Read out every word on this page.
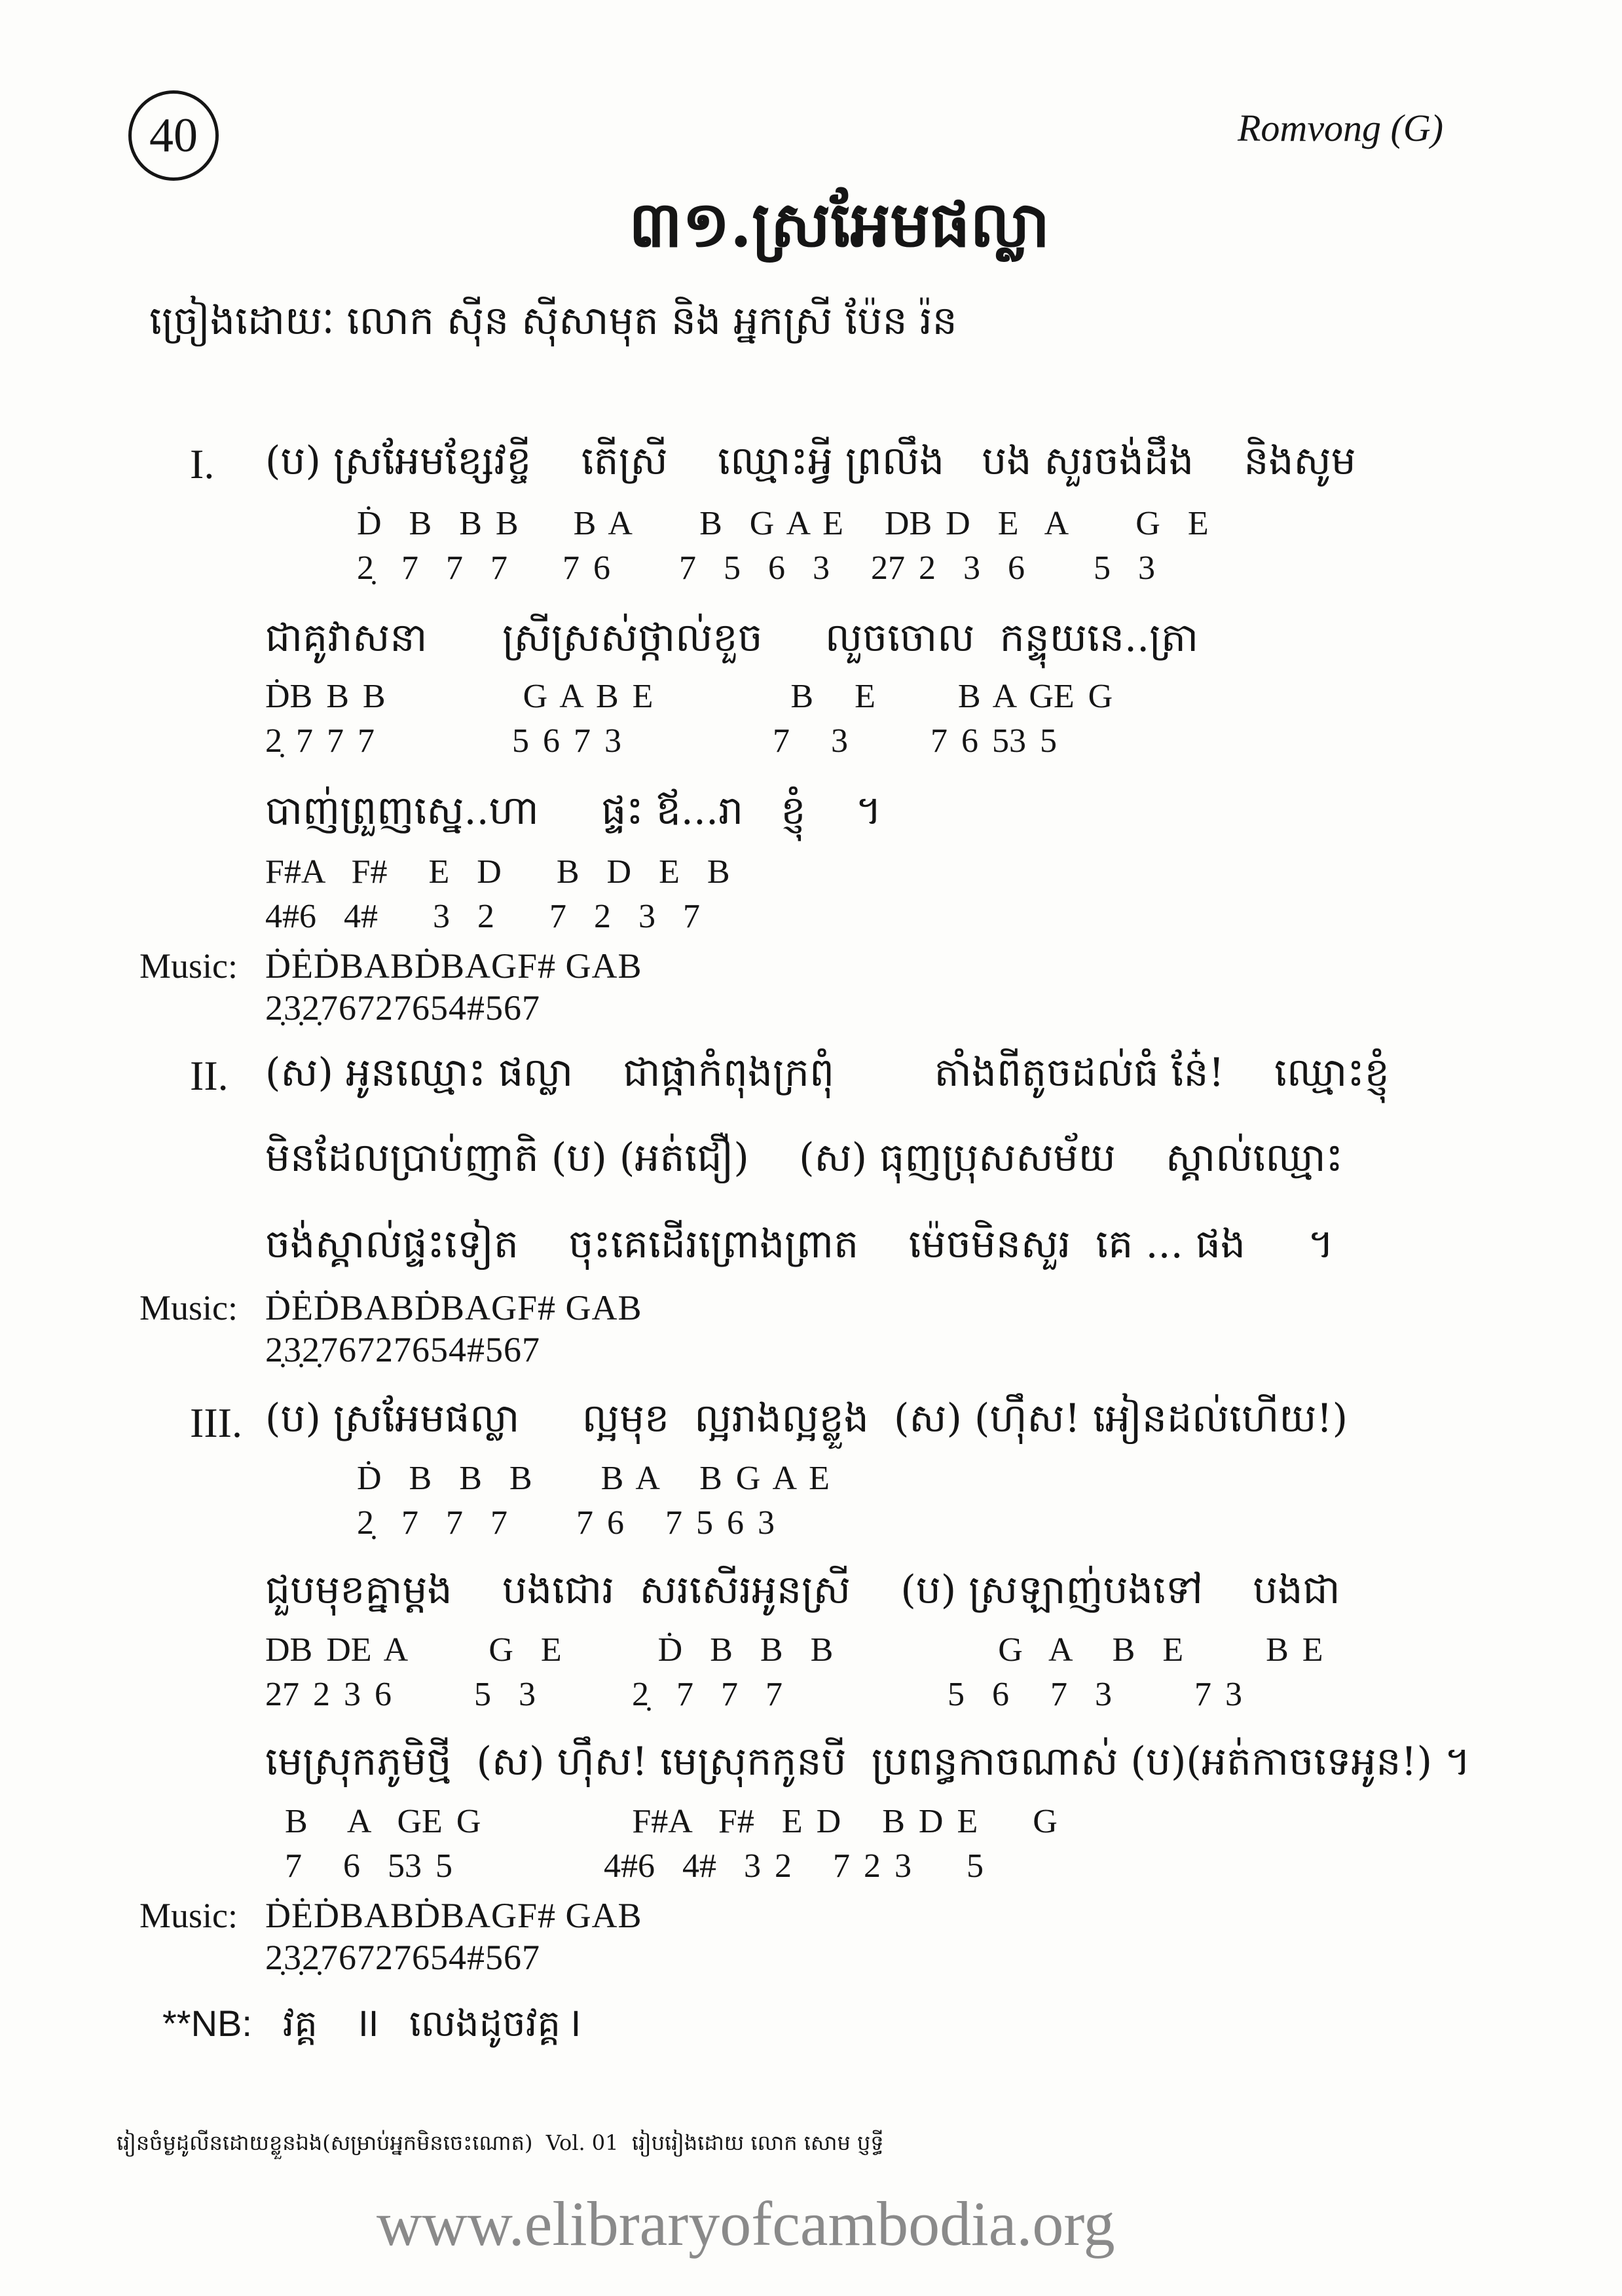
40	Romvong (G)
៣១.ស្រអែមផល្លា
ច្រៀងដោយៈ លោក ស៊ីន ស៊ីសាមុត និង អ្នកស្រី ប៉ែន រ៉ន
I. (ប) ស្រអែមខ្សែវខ្ចី    តើស្រី    ឈ្មោះអ្វី ព្រលឹង   បង សួរចង់ដឹង    និងសូម
Ḋ  B  B B    B A     B  G A E   DB D  E  A     G  E
2̣  7  7  7    7 6     7  5  6  3   27 2  3  6     5  3
ជាគូវាសនា      ស្រីស្រស់ថ្កាល់ខួច     លួចចោល  កន្ទុយនេ..ត្រា
ḊB B B          G A B E          B   E      B A GE G
2̣ 7 7 7          5 6 7 3           7   3      7 6 53 5
បាញ់ព្រួញស្នេ..ហា     ផ្ទះ ឪ...រា   ខ្ញុំ    ។
F#A  F#   E  D    B  D  E  B
4#6  4#    3  2    7  2  3  7
Music: ḊĖḊBABḊBAGF# GAB
2̣3̣2̣76727654#567
II. (ស) អូនឈ្មោះ ផល្លា    ជាផ្កាកំពុងក្រពុំ        តាំងពីតូចដល់ធំ នែ៎!    ឈ្មោះខ្ញុំ
មិនដែលប្រាប់ញាតិ (ប) (អត់ជឿ)    (ស) ធុញប្រុសសម័យ    ស្គាល់ឈ្មោះ
ចង់ស្គាល់ផ្ទះទៀត    ចុះគេដើរព្រោងព្រាត    ម៉េចមិនសួរ  គេ ... ផង     ។
Music: ḊĖḊBABḊBAGF# GAB
2̣3̣2̣76727654#567
III. (ប) ស្រអែមផល្លា     ល្អមុខ  ល្អរាងល្អខ្លួង  (ស) (ហ៊ឹស! អៀនដល់ហើយ!)
Ḋ  B  B  B     B A   B G A E
2̣  7  7  7     7 6   7 5 6 3
ជួបមុខគ្នាម្តង    បងជោរ  សរសើរអូនស្រី    (ប) ស្រឡាញ់បងទៅ    បងជា
DB DE A      G  E       Ḋ  B  B  B            G  A   B  E      B E
27 2 3 6      5  3       2̣  7  7  7            5  6   7  3      7 3
មេស្រុកភូមិថ្មី  (ស) ហ៊ឹស! មេស្រុកកូនបី  ប្រពន្ធកាចណាស់ (ប)(អត់កាចទេអូន!) ។
B   A  GE G           F#A  F#  E D   B D E    G
7   6  53 5           4#6  4#  3 2   7 2 3    5
Music: ḊĖḊBABḊBAGF# GAB
2̣3̣2̣76727654#567
**NB:   វគ្គ    II   លេងដូចវគ្គ I
រៀនចំម្ងដូលីនដោយខ្លួនឯង(សម្រាប់អ្នកមិនចេះណោត)  Vol. 01  រៀបរៀងដោយ លោក សោម ប្ញទ្ធី
www.elibraryofcambodia.org
